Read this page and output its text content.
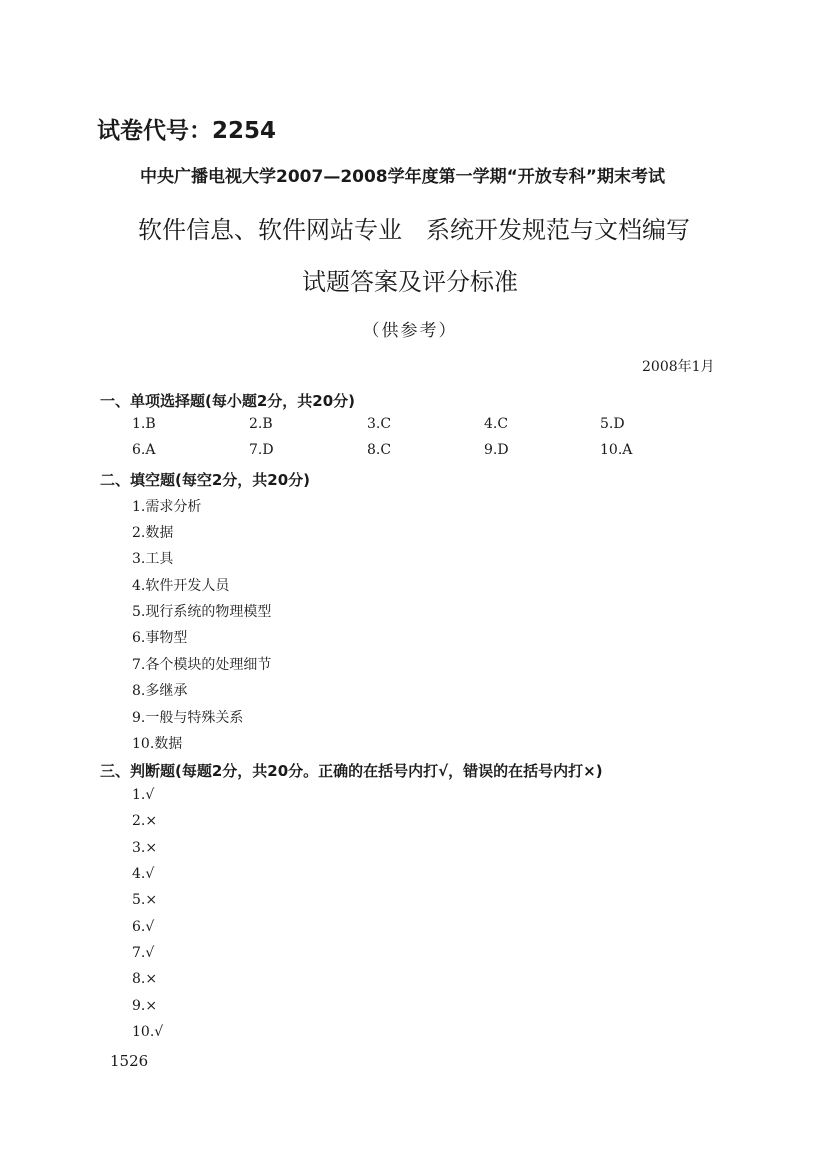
试卷代号：2254
中央广播电视大学2007—2008学年度第一学期“开放专科”期末考试
软件信息、软件网站专业　系统开发规范与文档编写
试题答案及评分标准
（供参考）
2008年1月
一、单项选择题(每小题2分，共20分)
1.B	2.B	3.C	4.C	5.D
6.A	7.D	8.C	9.D	10.A
二、填空题(每空2分，共20分)
1.需求分析
2.数据
3.工具
4.软件开发人员
5.现行系统的物理模型
6.事物型
7.各个模块的处理细节
8.多继承
9.一般与特殊关系
10.数据
三、判断题(每题2分，共20分。正确的在括号内打√，错误的在括号内打×)
1.√
2.×
3.×
4.√
5.×
6.√
7.√
8.×
9.×
10.√
1526
